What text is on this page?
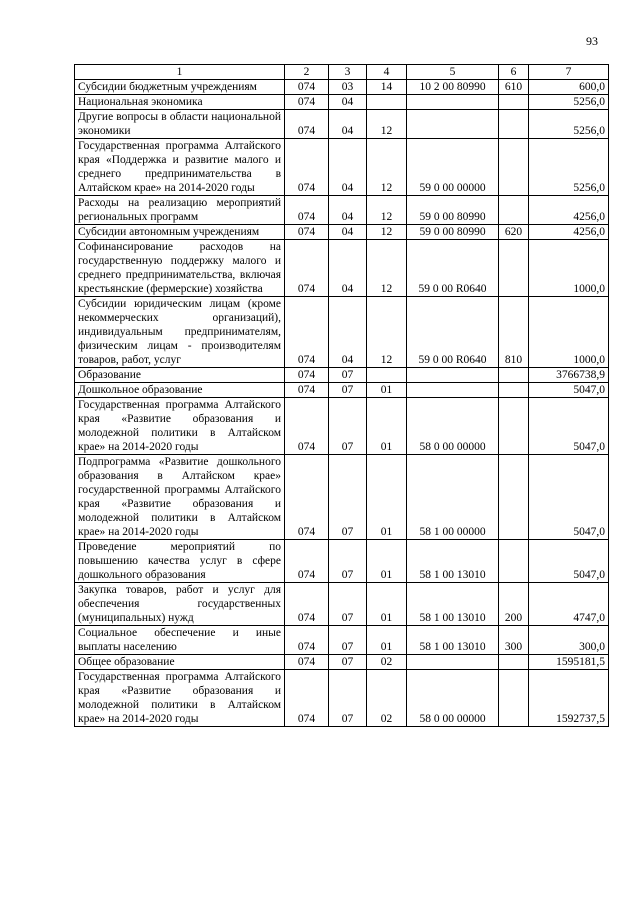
93
1	2	3	4	5	6	7

Субсидии бюджетным учреждениям	074	03	14	10 2 00 80990	610	600,0

Национальная экономика	074	04				5256,0

Другие вопросы в области национальной экономики	074	04	12			5256,0

Государственная программа Алтайского края «Поддержка и развитие малого и среднего предпринимательства в Алтайском крае» на 2014-2020 годы	074	04	12	59 0 00 00000		5256,0

Расходы на реализацию мероприятий региональных программ	074	04	12	59 0 00 80990		4256,0

Субсидии автономным учреждениям	074	04	12	59 0 00 80990	620	4256,0

Софинансирование расходов на государственную поддержку малого и среднего предпринимательства, включая крестьянские (фермерские) хозяйства	074	04	12	59 0 00 R0640		1000,0

Субсидии юридическим лицам (кроме некоммерческих организаций), индивидуальным предпринимателям, физическим лицам - производителям товаров, работ, услуг	074	04	12	59 0 00 R0640	810	1000,0

Образование	074	07				3766738,9

Дошкольное образование	074	07	01			5047,0

Государственная программа Алтайского края «Развитие образования и молодежной политики в Алтайском крае» на 2014-2020 годы	074	07	01	58 0 00 00000		5047,0

Подпрограмма «Развитие дошкольного образования в Алтайском крае» государственной программы Алтайского края «Развитие образования и молодежной политики в Алтайском крае» на 2014-2020 годы	074	07	01	58 1 00 00000		5047,0

Проведение мероприятий по повышению качества услуг в сфере дошкольного образования	074	07	01	58 1 00 13010		5047,0

Закупка товаров, работ и услуг для обеспечения государственных (муниципальных) нужд	074	07	01	58 1 00 13010	200	4747,0

Социальное обеспечение и иные выплаты населению	074	07	01	58 1 00 13010	300	300,0

Общее образование	074	07	02			1595181,5

Государственная программа Алтайского края «Развитие образования и молодежной политики в Алтайском крае» на 2014-2020 годы	074	07	02	58 0 00 00000		1592737,5
